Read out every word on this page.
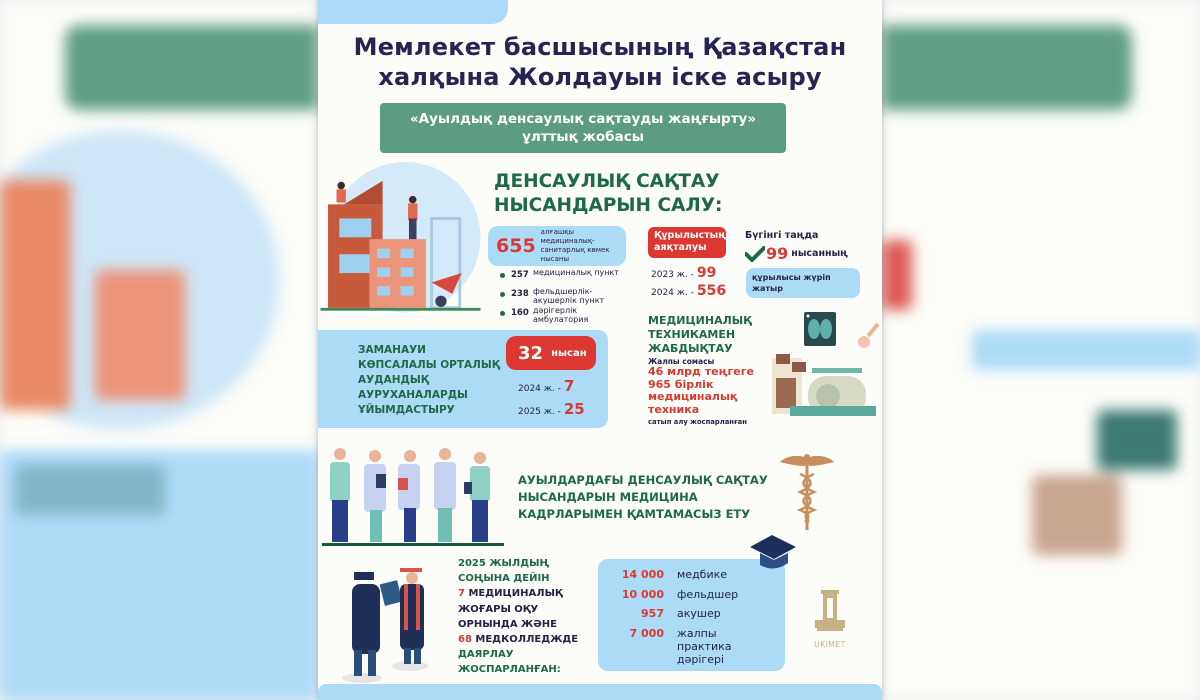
Мемлекет басшысының Қазақстан
халқына Жолдауын іске асыру
«Ауылдық денсаулық сақтауды жаңғырту»
ұлттық жобасы
ДЕНСАУЛЫҚ САҚТАУ
НЫСАНДАРЫН САЛУ:
655
алғашқы медициналық-
санитарлық көмек
нысаны
257 медициналық пункт
238 фельдшерлік-
акушерлік пункт
160 дәрігерлік
амбулатория
Құрылыстың
аяқталуы
2023 ж. - 99
2024 ж. - 556
Бүгінгі таңда
99 нысанның
құрылысы жүріп
жатыр
ЗАМАНАУИ
КӨПСАЛАЛЫ ОРТАЛЫҚ
АУДАНДЫҚ
АУРУХАНАЛАРДЫ
ҰЙЫМДАСТЫРУ
32 нысан
2024 ж. - 7
2025 ж. - 25
МЕДИЦИНАЛЫҚ
ТЕХНИКАМЕН
ЖАБДЫҚТАУ
Жалпы сомасы
46 млрд теңгеге
965 бірлік
медициналық
техника
сатып алу жоспарланған
АУЫЛДАРДАҒЫ ДЕНСАУЛЫҚ САҚТАУ
НЫСАНДАРЫН МЕДИЦИНА
КАДРЛАРЫМЕН ҚАМТАМАСЫЗ ЕТУ
2025 ЖЫЛДЫҢ
СОҢЫНА ДЕЙІН
7 МЕДИЦИНАЛЫҚ
ЖОҒАРЫ ОҚУ
ОРНЫНДА ЖӘНЕ
68 МЕДКОЛЛЕДЖДЕ
ДАЯРЛАУ
ЖОСПАРЛАНҒАН:
14 000 медбике
10 000 фельдшер
957 акушер
7 000 жалпы практика дәрігері
UKIMET
